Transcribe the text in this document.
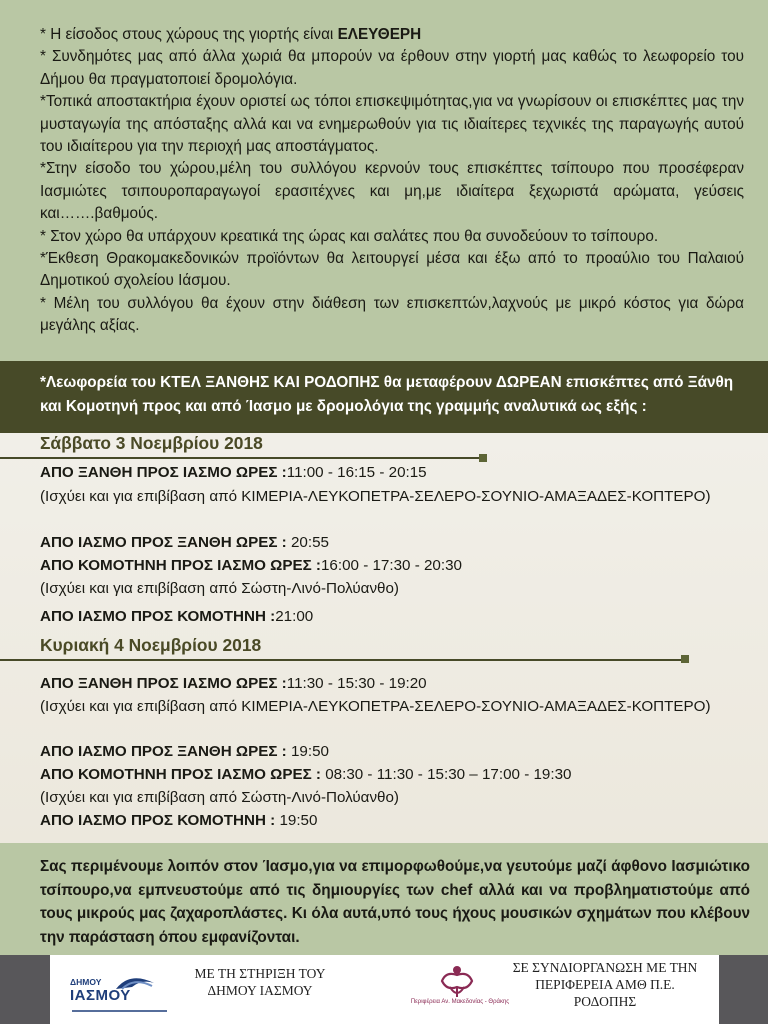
* Η είσοδος στους χώρους της γιορτής είναι ΕΛΕΥΘΕΡΗ

* Συνδημότες μας από άλλα χωριά θα μπορούν να έρθουν στην γιορτή μας καθώς το λεωφορείο του Δήμου θα πραγματοποιεί δρομολόγια.

*Τοπικά αποστακτήρια έχουν οριστεί ως τόποι επισκεψιμότητας,για να γνωρίσουν οι επισκέπτες μας την μυσταγωγία της απόσταξης αλλά και να ενημερωθούν για τις ιδιαίτερες τεχνικές της παραγωγής αυτού του ιδιαίτερου για την περιοχή μας αποστάγματος.

*Στην είσοδο του χώρου,μέλη του συλλόγου κερνούν τους επισκέπτες τσίπουρο που προσέφεραν Ιασμιώτες τσιπουροπαραγωγοί ερασιτέχνες και μη,με ιδιαίτερα ξεχωριστά αρώματα, γεύσεις και…….βαθμούς.

* Στον χώρο θα υπάρχουν κρεατικά της ώρας και σαλάτες που θα συνοδεύουν το τσίπουρο.

*Έκθεση Θρακομακεδονικών προϊόντων θα λειτουργεί μέσα και έξω από το προαύλιο του Παλαιού Δημοτικού σχολείου Ιάσμου.

* Μέλη του συλλόγου θα έχουν στην διάθεση των επισκεπτών,λαχνούς με μικρό κόστος για δώρα μεγάλης αξίας.

*Λεωφορεία του ΚΤΕΛ ΞΑΝΘΗΣ ΚΑΙ ΡΟΔΟΠΗΣ θα μεταφέρουν ΔΩΡΕΑΝ επισκέπτες από Ξάνθη και Κομοτηνή προς και από Ίασμο με δρομολόγια της γραμμής αναλυτικά ως εξής :

Σάββατο 3 Νοεμβρίου 2018
ΑΠΟ ΞΑΝΘΗ ΠΡΟΣ ΙΑΣΜΟ ΩΡΕΣ :11:00 - 16:15 - 20:15
(Ισχύει και για επιβίβαση από ΚΙΜΕΡΙΑ-ΛΕΥΚΟΠΕΤΡΑ-ΣΕΛΕΡΟ-ΣΟΥΝΙΟ-ΑΜΑΞΑΔΕΣ-ΚΟΠΤΕΡΟ)
ΑΠΟ ΙΑΣΜΟ ΠΡΟΣ ΞΑΝΘΗ ΩΡΕΣ : 20:55
ΑΠΟ ΚΟΜΟΤΗΝΗ ΠΡΟΣ ΙΑΣΜΟ ΩΡΕΣ :16:00 - 17:30 - 20:30
(Ισχύει και για επιβίβαση από Σώστη-Λινό-Πολύανθο)
ΑΠΟ ΙΑΣΜΟ ΠΡΟΣ ΚΟΜΟΤΗΝΗ :21:00
Κυριακή 4 Νοεμβρίου 2018
ΑΠΟ ΞΑΝΘΗ ΠΡΟΣ ΙΑΣΜΟ ΩΡΕΣ :11:30 - 15:30 - 19:20
(Ισχύει και για επιβίβαση από ΚΙΜΕΡΙΑ-ΛΕΥΚΟΠΕΤΡΑ-ΣΕΛΕΡΟ-ΣΟΥΝΙΟ-ΑΜΑΞΑΔΕΣ-ΚΟΠΤΕΡΟ)
ΑΠΟ ΙΑΣΜΟ ΠΡΟΣ ΞΑΝΘΗ ΩΡΕΣ : 19:50
ΑΠΟ ΚΟΜΟΤΗΝΗ ΠΡΟΣ ΙΑΣΜΟ ΩΡΕΣ : 08:30 - 11:30 - 15:30 – 17:00 - 19:30
(Ισχύει και για επιβίβαση από Σώστη-Λινό-Πολύανθο)
ΑΠΟ ΙΑΣΜΟ ΠΡΟΣ ΚΟΜΟΤΗΝΗ : 19:50

Σας περιμένουμε λοιπόν στον Ίασμο,για να επιμορφωθούμε,να γευτούμε μαζί άφθονο Ιασμιώτικο τσίπουρο,να εμπνευστούμε από τις δημιουργίες των chef αλλά και να προβληματιστούμε από τους μικρούς μας ζαχαροπλάστες. Κι όλα αυτά,υπό τους ήχους μουσικών σχημάτων που κλέβουν την παράσταση όπου εμφανίζονται.

ΔΗΜΟΥ
ΙΑΣΜΟΥ
ΜΕ ΤΗ ΣΤΗΡΙΞΗ ΤΟΥ ΔΗΜΟΥ ΙΑΣΜΟΥ
Περιφέρεια Αν. Μακεδονίας - Θράκης
ΣΕ ΣΥΝΔΙΟΡΓΑΝΩΣΗ ΜΕ ΤΗΝ ΠΕΡΙΦΕΡΕΙΑ ΑΜΘ Π.Ε. ΡΟΔΟΠΗΣ
